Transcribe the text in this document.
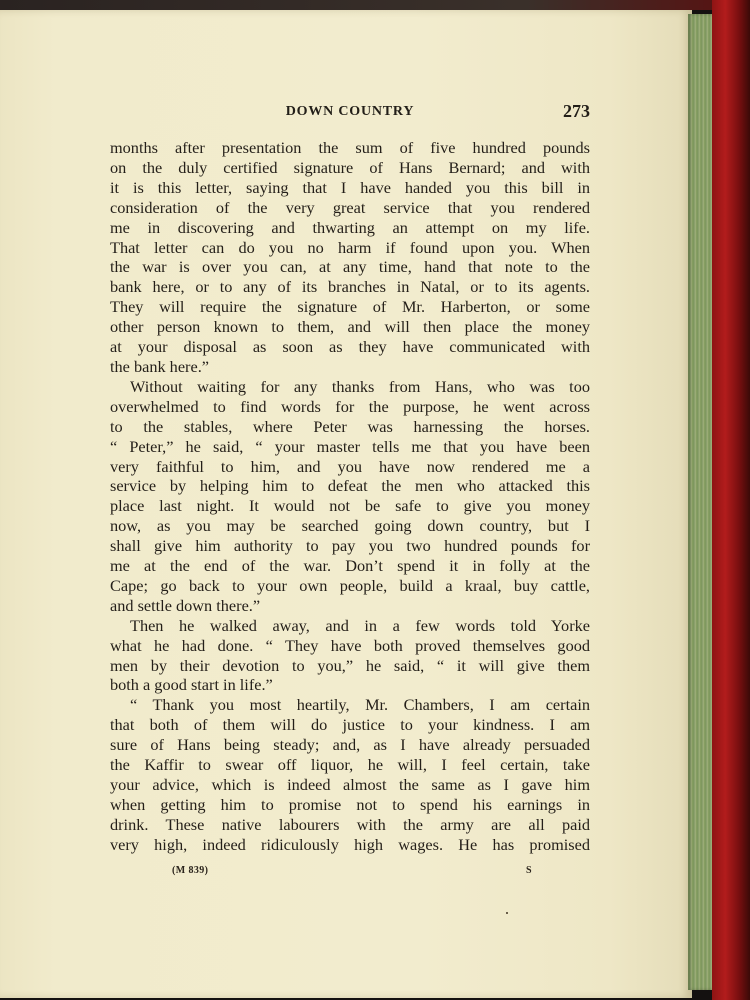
DOWN COUNTRY	273
months after presentation the sum of five hundred pounds
on the duly certified signature of Hans Bernard; and with
it is this letter, saying that I have handed you this bill in
consideration of the very great service that you rendered
me in discovering and thwarting an attempt on my life.
That letter can do you no harm if found upon you. When
the war is over you can, at any time, hand that note to the
bank here, or to any of its branches in Natal, or to its agents.
They will require the signature of Mr. Harberton, or some
other person known to them, and will then place the money
at your disposal as soon as they have communicated with
the bank here.”
Without waiting for any thanks from Hans, who was too
overwhelmed to find words for the purpose, he went across
to the stables, where Peter was harnessing the horses.
“ Peter,” he said, “ your master tells me that you have been
very faithful to him, and you have now rendered me a
service by helping him to defeat the men who attacked this
place last night. It would not be safe to give you money
now, as you may be searched going down country, but I
shall give him authority to pay you two hundred pounds for
me at the end of the war. Don’t spend it in folly at the
Cape; go back to your own people, build a kraal, buy cattle,
and settle down there.”
Then he walked away, and in a few words told Yorke
what he had done. “ They have both proved themselves good
men by their devotion to you,” he said, “ it will give them
both a good start in life.”
“ Thank you most heartily, Mr. Chambers, I am certain
that both of them will do justice to your kindness. I am
sure of Hans being steady; and, as I have already persuaded
the Kaffir to swear off liquor, he will, I feel certain, take
your advice, which is indeed almost the same as I gave him
when getting him to promise not to spend his earnings in
drink. These native labourers with the army are all paid
very high, indeed ridiculously high wages. He has promised
(M 839)	S
